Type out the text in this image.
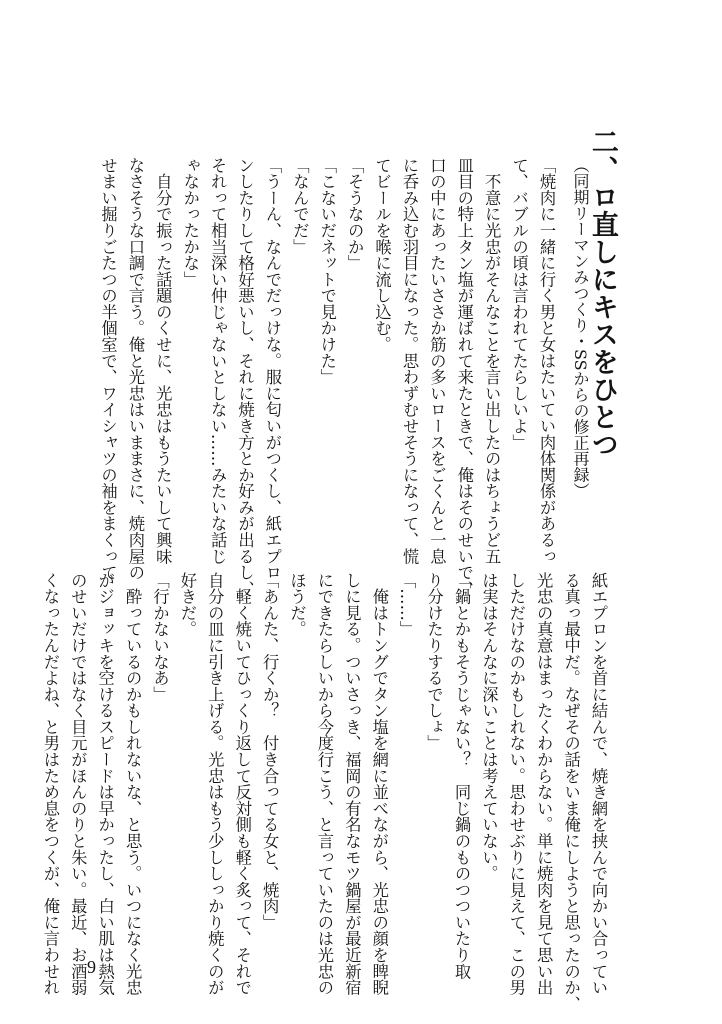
二、ロ直しにキスをひとつ
（同期リーマンみつくり・SSからの修正再録）

「焼肉に一緒に行く男と女はたいてい肉体関係があるっ

て、バブルの頃は言われてたらしいよ」

　不意に光忠がそんなことを言い出したのはちょうど五

皿目の特上タン塩が運ばれて来たときで、俺はそのせいで、

口の中にあったいささか筋の多いロースをごくんと一息

に呑み込む羽目になった。思わずむせそうになって、慌

てビールを喉に流し込む。

「そうなのか」

「こないだネットで見かけた」

「なんでだ」

「うーん、なんでだっけな。服に匂いがつくし、紙エプロ

ンしたりして格好悪いし、それに焼き方とか好みが出るし、

それって相当深い仲じゃないとしない……みたいな話じ

ゃなかったかな」

　自分で振った話題のくせに、光忠はもうたいして興味

なさそうな口調で言う。俺と光忠はいままさに、焼肉屋の

せまい掘りごたつの半個室で、ワイシャツの袖をまくって

紙エプロンを首に結んで、焼き網を挟んで向かい合ってい

る真っ最中だ。なぜその話をいま俺にしようと思ったのか、

光忠の真意はまったくわからない。単に焼肉を見て思い出

しただけなのかもしれない。思わせぶりに見えて、この男

は実はそんなに深いことは考えていない。

「鍋とかもそうじゃない？　同じ鍋のものつついたり取

り分けたりするでしょ」

「……」

　俺はトングでタン塩を網に並べながら、光忠の顔を睥睨

しに見る。ついさっき、福岡の有名なモツ鍋屋が最近新宿

にできたらしいから今度行こう、と言っていたのは光忠の

ほうだ。

「あんた、行くか？　付き合ってる女と、焼肉」

　軽く焼いてひっくり返して反対側も軽く炙って、それで

自分の皿に引き上げる。光忠はもう少ししっかり焼くのが

好きだ。

「行かないなあ」

　酔っているのかもしれないな、と思う。いつになく光忠

がジョッキを空けるスピードは早かったし、白い肌は熱気

のせいだけではなく目元がほんのりと朱い。最近、お酒弱

くなったんだよね、と男はため息をつくが、俺に言わせれ 9
